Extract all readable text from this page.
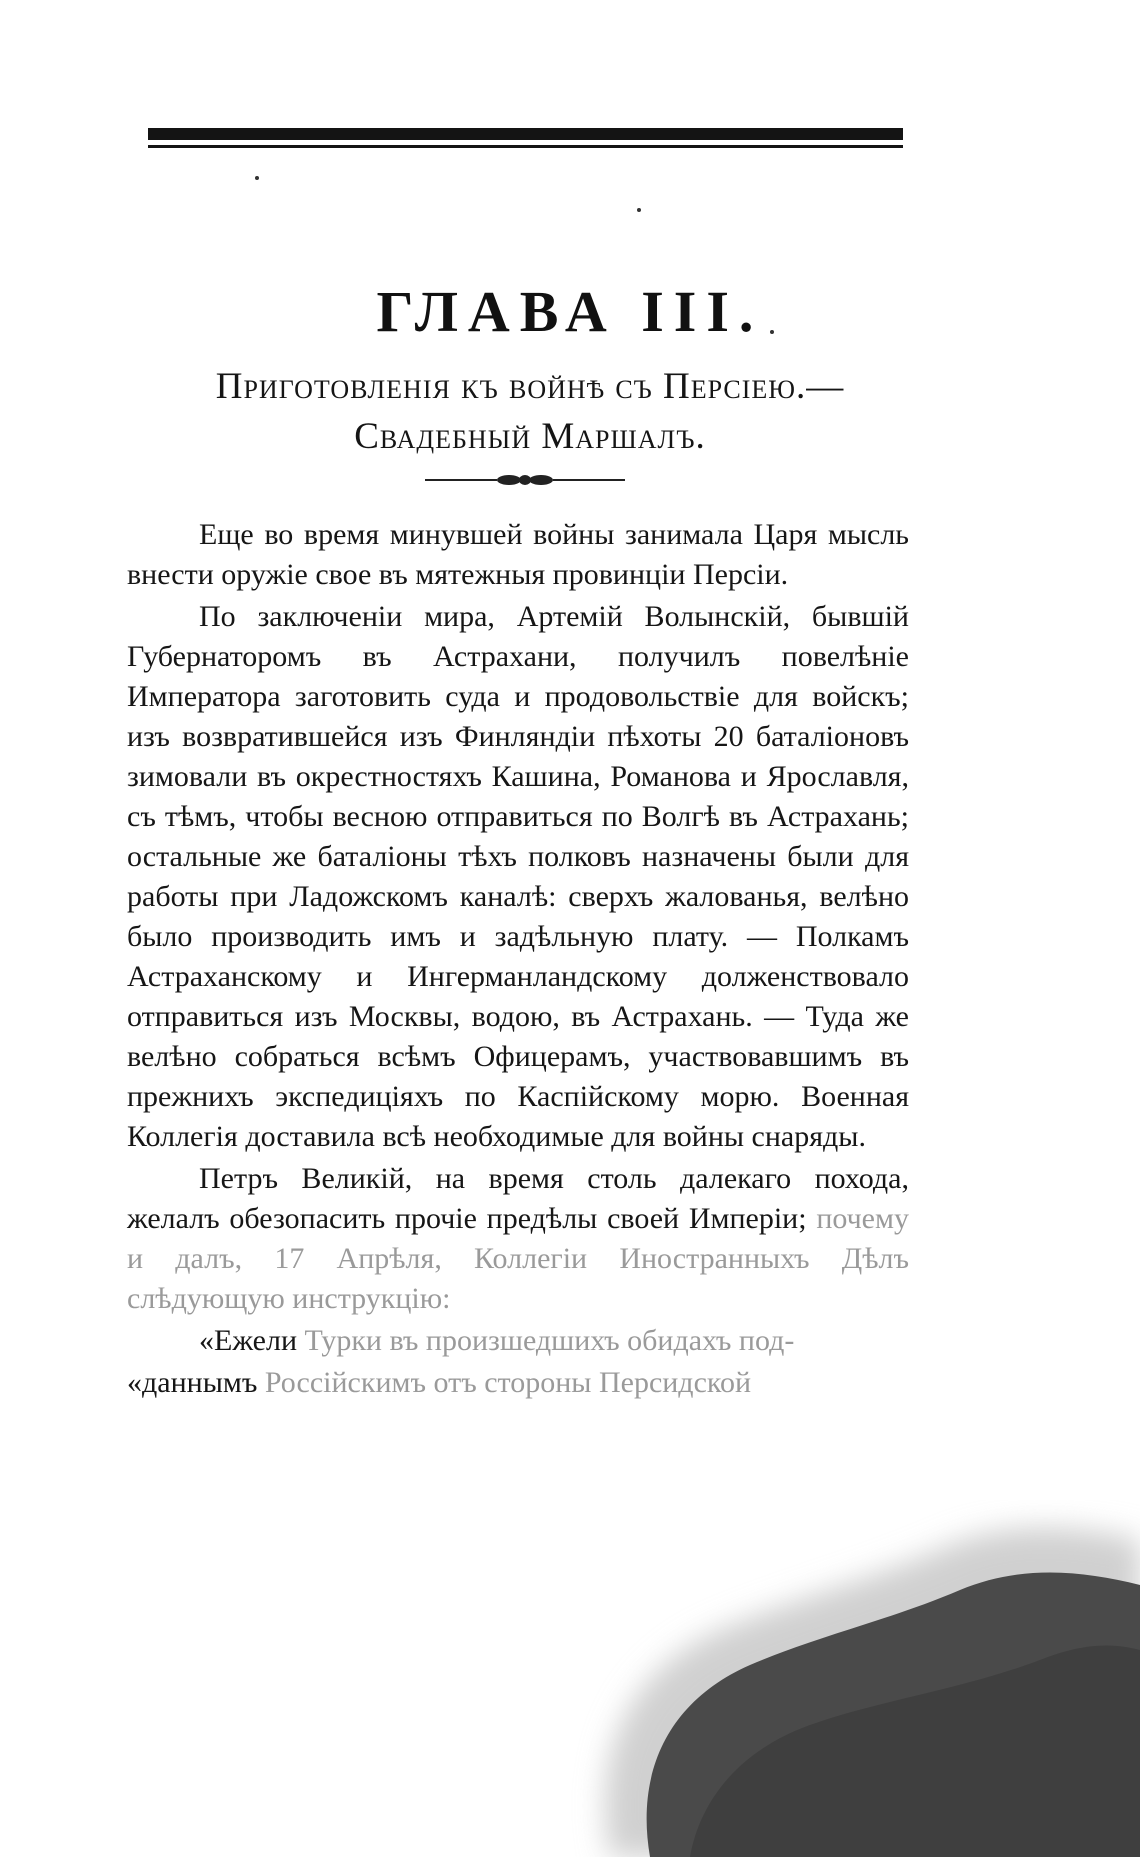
ГЛАВА III.
Приготовленія къ войнѣ съ Персіею.—
Свадебный Маршалъ.

Еще во время минувшей войны занимала Царя мысль внести оружіе свое въ мятежныя провинціи Персіи.

По заключеніи мира, Артемій Волынскій, бывшій Губернаторомъ въ Астрахани, получилъ повелѣніе Императора заготовить суда и продовольствіе для войскъ; изъ возвратившейся изъ Финляндіи пѣхоты 20 баталіоновъ зимовали въ окрестностяхъ Кашина, Романова и Ярославля, съ тѣмъ, чтобы весною отправиться по Волгѣ въ Астрахань; остальные же баталіоны тѣхъ полковъ назначены были для работы при Ладожскомъ каналѣ: сверхъ жалованья, велѣно было производить имъ и задѣльную плату. — Полкамъ Астраханскому и Ингерманландскому долженствовало отправиться изъ Москвы, водою, въ Астрахань. — Туда же велѣно собраться всѣмъ Офицерамъ, участвовавшимъ въ прежнихъ экспедиціяхъ по Каспійскому морю. Военная Коллегія доставила всѣ необходимые для войны снаряды.

Петръ Великій, на время столь далекаго похода, желалъ обезопасить прочіе предѣлы своей Имперіи; почему и далъ, 17 Апрѣля, Коллегіи Иностранныхъ Дѣлъ слѣдующую инструкцію:

«Ежели Турки въ произшедшихъ обидахъ под-

«даннымъ Россійскимъ отъ стороны Персидской
